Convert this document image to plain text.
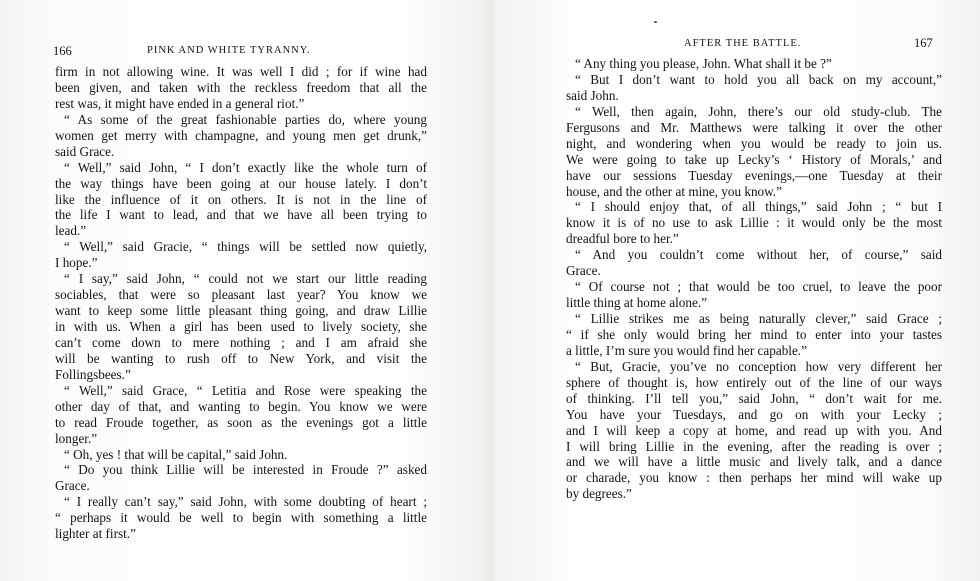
166	PINK AND WHITE TYRANNY.
firm in not allowing wine. It was well I did ; for if wine had
been given, and taken with the reckless freedom that all the
rest was, it might have ended in a general riot.”
“ As some of the great fashionable parties do, where young
women get merry with champagne, and young men get drunk,”
said Grace.
“ Well,” said John, “ I don’t exactly like the whole turn of
the way things have been going at our house lately. I don’t
like the influence of it on others. It is not in the line of
the life I want to lead, and that we have all been trying to
lead.”
“ Well,” said Gracie, “ things will be settled now quietly,
I hope.”
“ I say,” said John, “ could not we start our little reading
sociables, that were so pleasant last year? You know we
want to keep some little pleasant thing going, and draw Lillie
in with us. When a girl has been used to lively society, she
can’t come down to mere nothing ; and I am afraid she
will be wanting to rush off to New York, and visit the
Follingsbees.”
“ Well,” said Grace, “ Letitia and Rose were speaking the
other day of that, and wanting to begin. You know we were
to read Froude together, as soon as the evenings got a little
longer.”
“ Oh, yes ! that will be capital,” said John.
“ Do you think Lillie will be interested in Froude ?” asked
Grace.
“ I really can’t say,” said John, with some doubting of heart ;
“ perhaps it would be well to begin with something a little
lighter at first.”
AFTER THE BATTLE.	167
“ Any thing you please, John. What shall it be ?”
“ But I don’t want to hold you all back on my account,”
said John.
“ Well, then again, John, there’s our old study-club. The
Fergusons and Mr. Matthews were talking it over the other
night, and wondering when you would be ready to join us.
We were going to take up Lecky’s ‘ History of Morals,’ and
have our sessions Tuesday evenings,—one Tuesday at their
house, and the other at mine, you know.”
“ I should enjoy that, of all things,” said John ; “ but I
know it is of no use to ask Lillie : it would only be the most
dreadful bore to her.”
“ And you couldn’t come without her, of course,” said
Grace.
“ Of course not ; that would be too cruel, to leave the poor
little thing at home alone.”
“ Lillie strikes me as being naturally clever,” said Grace ;
“ if she only would bring her mind to enter into your tastes
a little, I’m sure you would find her capable.”
“ But, Gracie, you’ve no conception how very different her
sphere of thought is, how entirely out of the line of our ways
of thinking. I’ll tell you,” said John, “ don’t wait for me.
You have your Tuesdays, and go on with your Lecky ;
and I will keep a copy at home, and read up with you. And
I will bring Lillie in the evening, after the reading is over ;
and we will have a little music and lively talk, and a dance
or charade, you know : then perhaps her mind will wake up
by degrees.”
